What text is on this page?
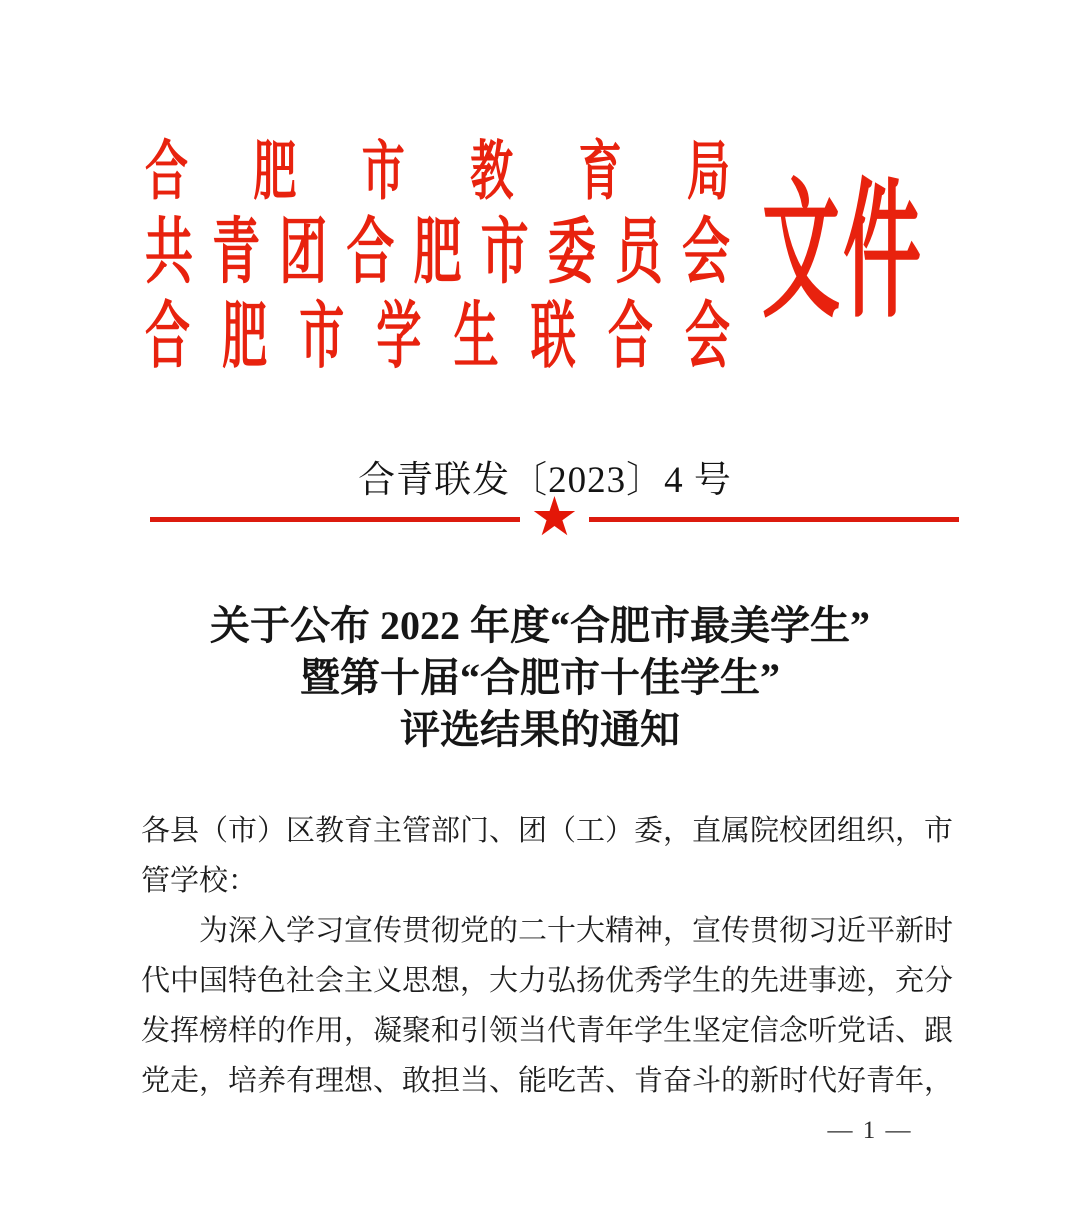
合肥市教育局
共青团合肥市委员会
合肥市学生联合会
文件
合青联发〔2023〕4 号
★
关于公布 2022 年度“合肥市最美学生”
暨第十届“合肥市十佳学生”
评选结果的通知
各县（市）区教育主管部门、团（工）委，直属院校团组织，市
管学校：
为深入学习宣传贯彻党的二十大精神，宣传贯彻习近平新时
代中国特色社会主义思想，大力弘扬优秀学生的先进事迹，充分
发挥榜样的作用，凝聚和引领当代青年学生坚定信念听党话、跟
党走，培养有理想、敢担当、能吃苦、肯奋斗的新时代好青年，
— 1 —
